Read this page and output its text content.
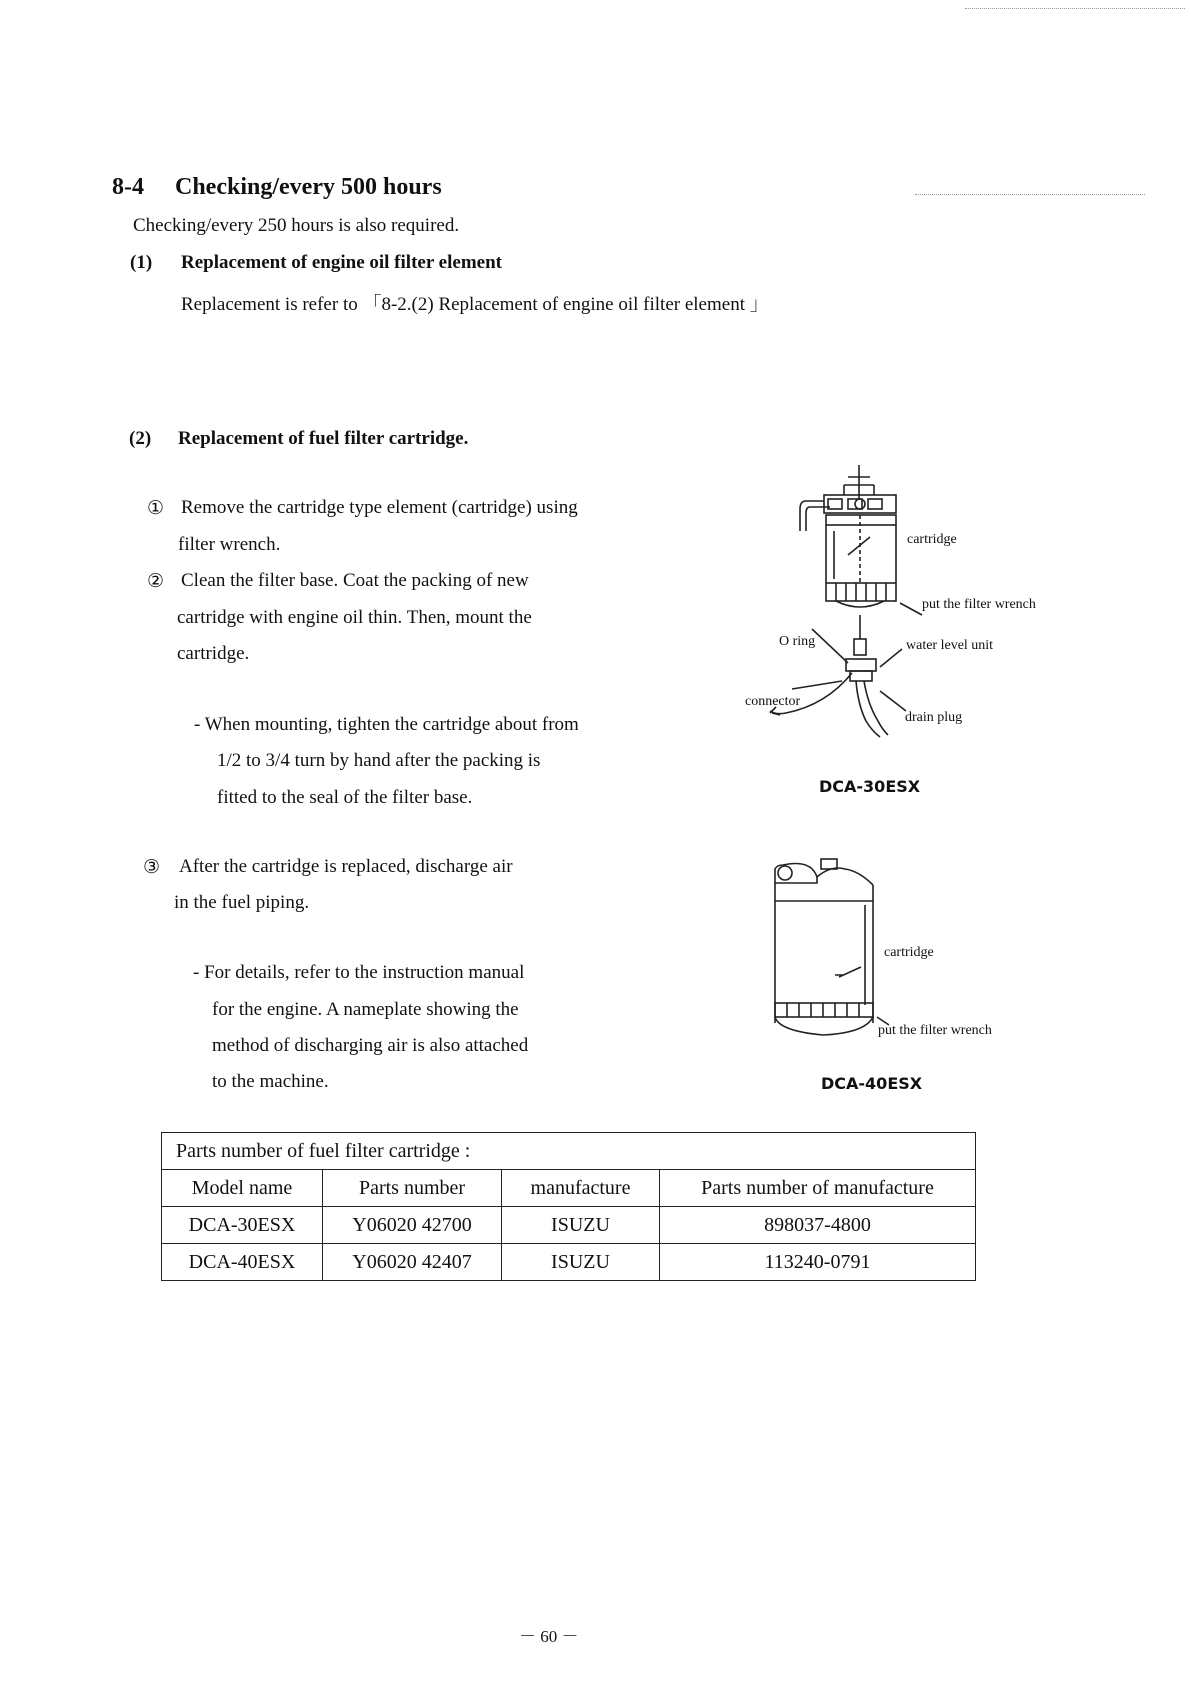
8-4 Checking/every 500 hours
Checking/every 250 hours is also required.
(1) Replacement of engine oil filter element
Replacement is refer to 「8-2.(2) Replacement of engine oil filter element 」
(2) Replacement of fuel filter cartridge.
① Remove the cartridge type element (cartridge) using
filter wrench.
② Clean the filter base. Coat the packing of new
cartridge with engine oil thin. Then, mount the
cartridge.
- When mounting, tighten the cartridge about from
1/2 to 3/4 turn by hand after the packing is
fitted to the seal of the filter base.
③ After the cartridge is replaced, discharge air
in the fuel piping.
- For details, refer to the instruction manual
for the engine. A nameplate showing the
method of discharging air is also attached
to the machine.
cartridge
put the filter wrench
O ring	water level unit
connector
drain plug
DCA-30ESX
cartridge
put the filter wrench
DCA-40ESX
Parts number of fuel filter cartridge :			
Model name	Parts number	manufacture	Parts number of manufacture
DCA-30ESX	Y06020 42700	ISUZU	898037-4800
DCA-40ESX	Y06020 42407	ISUZU	113240-0791
－ 60 －
